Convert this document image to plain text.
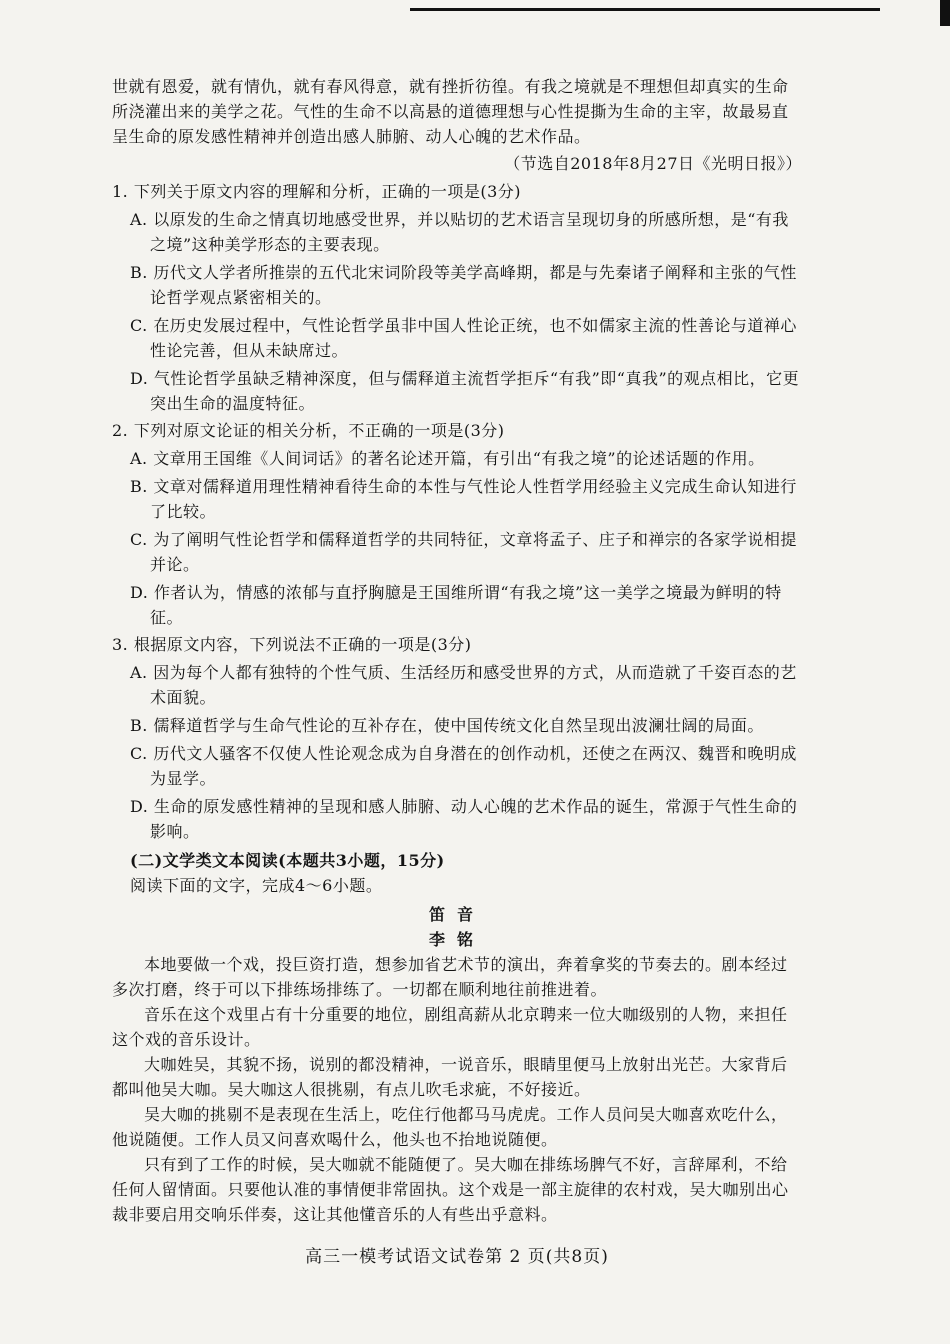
世就有恩爱，就有情仇，就有春风得意，就有挫折彷徨。有我之境就是不理想但却真实的生命所浇灌出来的美学之花。气性的生命不以高悬的道德理想与心性提撕为生命的主宰，故最易直呈生命的原发感性精神并创造出感人肺腑、动人心魄的艺术作品。

（节选自2018年8月27日《光明日报》）

1. 下列关于原文内容的理解和分析，正确的一项是(3分)

A. 以原发的生命之情真切地感受世界，并以贴切的艺术语言呈现切身的所感所想，是“有我之境”这种美学形态的主要表现。

B. 历代文人学者所推崇的五代北宋词阶段等美学高峰期，都是与先秦诸子阐释和主张的气性论哲学观点紧密相关的。

C. 在历史发展过程中，气性论哲学虽非中国人性论正统，也不如儒家主流的性善论与道禅心性论完善，但从未缺席过。

D. 气性论哲学虽缺乏精神深度，但与儒释道主流哲学拒斥“有我”即“真我”的观点相比，它更突出生命的温度特征。

2. 下列对原文论证的相关分析，不正确的一项是(3分)

A. 文章用王国维《人间词话》的著名论述开篇，有引出“有我之境”的论述话题的作用。

B. 文章对儒释道用理性精神看待生命的本性与气性论人性哲学用经验主义完成生命认知进行了比较。

C. 为了阐明气性论哲学和儒释道哲学的共同特征，文章将孟子、庄子和禅宗的各家学说相提并论。

D. 作者认为，情感的浓郁与直抒胸臆是王国维所谓“有我之境”这一美学之境最为鲜明的特征。

3. 根据原文内容，下列说法不正确的一项是(3分)

A. 因为每个人都有独特的个性气质、生活经历和感受世界的方式，从而造就了千姿百态的艺术面貌。

B. 儒释道哲学与生命气性论的互补存在，使中国传统文化自然呈现出波澜壮阔的局面。

C. 历代文人骚客不仅使人性论观念成为自身潜在的创作动机，还使之在两汉、魏晋和晚明成为显学。

D. 生命的原发感性精神的呈现和感人肺腑、动人心魄的艺术作品的诞生，常源于气性生命的影响。

(二)文学类文本阅读(本题共3小题，15分)

阅读下面的文字，完成4～6小题。

笛音

李铭

本地要做一个戏，投巨资打造，想参加省艺术节的演出，奔着拿奖的节奏去的。剧本经过多次打磨，终于可以下排练场排练了。一切都在顺利地往前推进着。

音乐在这个戏里占有十分重要的地位，剧组高薪从北京聘来一位大咖级别的人物，来担任这个戏的音乐设计。

大咖姓吴，其貌不扬，说别的都没精神，一说音乐，眼睛里便马上放射出光芒。大家背后都叫他吴大咖。吴大咖这人很挑剔，有点儿吹毛求疵，不好接近。

吴大咖的挑剔不是表现在生活上，吃住行他都马马虎虎。工作人员问吴大咖喜欢吃什么，他说随便。工作人员又问喜欢喝什么，他头也不抬地说随便。

只有到了工作的时候，吴大咖就不能随便了。吴大咖在排练场脾气不好，言辞犀利，不给任何人留情面。只要他认准的事情便非常固执。这个戏是一部主旋律的农村戏，吴大咖别出心裁非要启用交响乐伴奏，这让其他懂音乐的人有些出乎意料。

高三一模考试语文试卷第 2 页(共8页)
